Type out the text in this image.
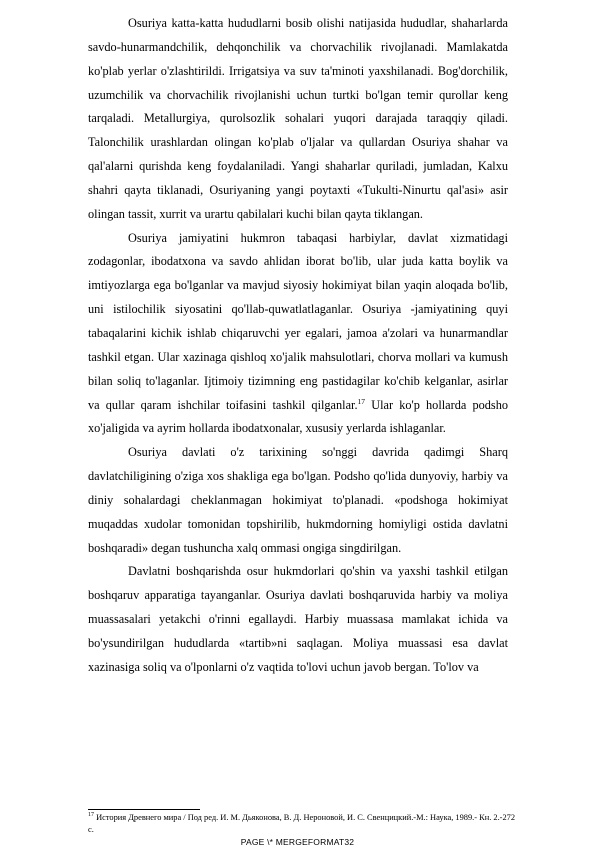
Osuriya katta-katta hududlarni bosib olishi natijasida hududlar, shaharlarda savdo-hunarmandchilik, dehqonchilik va chorvachilik rivojlanadi. Mamlakatda ko'plab yerlar o'zlashtirildi. Irrigatsiya va suv ta'minoti yaxshilanadi. Bog'dorchilik, uzumchilik va chorvachilik rivojlanishi uchun turtki bo'lgan temir qurollar keng tarqaladi. Metallurgiya, qurolsozlik sohalari yuqori darajada taraqqiy qiladi. Talonchilik urashlardan olingan ko'plab o'ljalar va qullardan Osuriya shahar va qal'alarni qurishda keng foydalaniladi. Yangi shaharlar quriladi, jumladan, Kalxu shahri qayta tiklanadi, Osuriyaning yangi poytaxti «Tukulti-Ninurtu qal'asi» asir olingan tassit, xurrit va urartu qabilalari kuchi bilan qayta tiklangan.

Osuriya jamiyatini hukmron tabaqasi harbiylar, davlat xizmatidagi zodagonlar, ibodatxona va savdo ahlidan iborat bo'lib, ular juda katta boylik va imtiyozlarga ega bo'lganlar va mavjud siyosiy hokimiyat bilan yaqin aloqada bo'lib, uni istilochilik siyosatini qo'llab-quwatlatlaganlar. Osuriya -jamiyatining quyi tabaqalarini kichik ishlab chiqaruvchi yer egalari, jamoa a'zolari va hunarmandlar tashkil etgan. Ular xazinaga qishloq xo'jalik mahsulotlari, chorva mollari va kumush bilan soliq to'laganlar. Ijtimoiy tizimning eng pastidagilar ko'chib kelganlar, asirlar va qullar qaram ishchilar toifasini tashkil qilganlar.$^{17}$ Ular ko'p hollarda podsho xo'jaligida va ayrim hollarda ibodatxonalar, xususiy yerlarda ishlaganlar.

Osuriya davlati o'z tarixining so'nggi davrida qadimgi Sharq davlatchiligining o'ziga xos shakliga ega bo'lgan. Podsho qo'lida dunyoviy, harbiy va diniy sohalardagi cheklanmagan hokimiyat to'planadi. «podshoga hokimiyat muqaddas xudolar tomonidan topshirilib, hukmdorning homiyligi ostida davlatni boshqaradi» degan tushuncha xalq ommasi ongiga singdirilgan.

Davlatni boshqarishda osur hukmdorlari qo'shin va yaxshi tashkil etilgan boshqaruv apparatiga tayanganlar. Osuriya davlati boshqaruvida harbiy va moliya muassasalari yetakchi o'rinni egallaydi. Harbiy muassasa mamlakat ichida va bo'ysundirilgan hududlarda «tartib»ni saqlagan. Moliya muassasi esa davlat xazinasiga soliq va o'lponlarni o'z vaqtida to'lovi uchun javob bergan. To'lov va

$^{17}$ История Древнего мира / Под ред. И. М. Дьяконова, В. Д. Нероновой, И. С. Свенцицкий.-М.: Наука, 1989.- Кн. 2.-272 с.
PAGE \* MERGEFORMAT32
